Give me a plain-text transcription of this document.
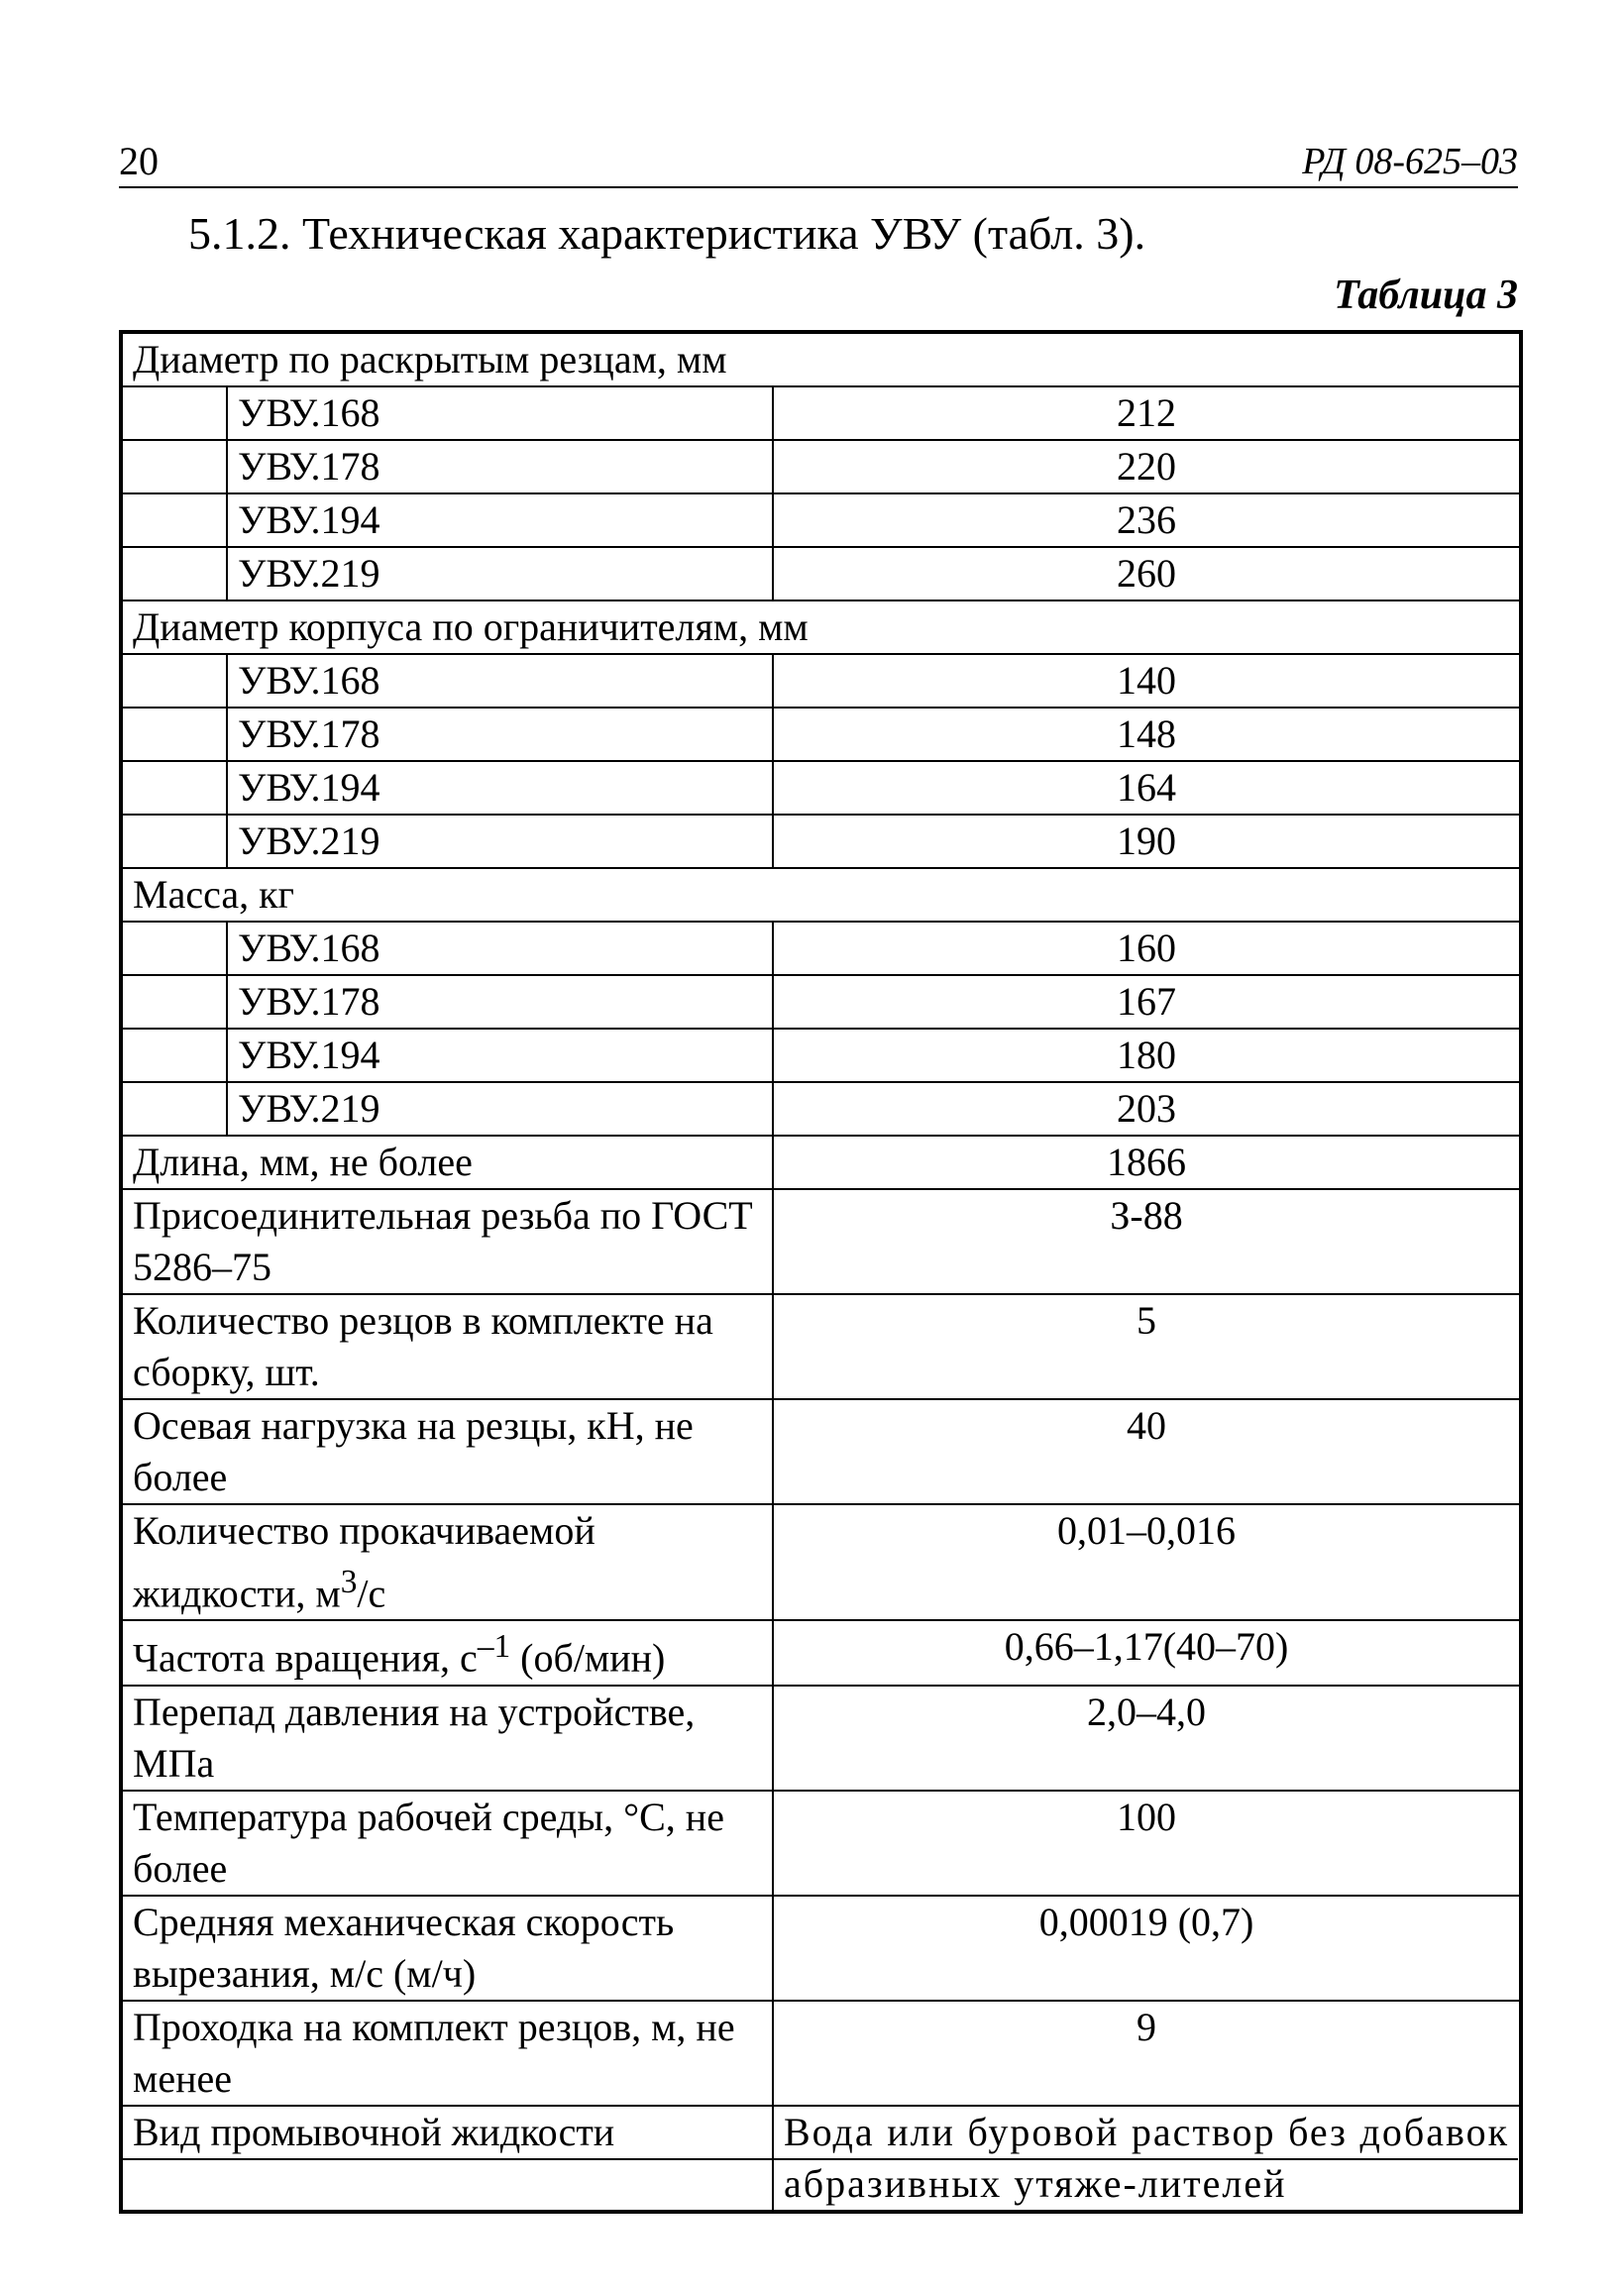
20	РД 08-625–03
5.1.2. Техническая характеристика УВУ (табл. 3).
Таблица 3
Диаметр по раскрытым резцам, мм		
	УВУ.168	212
	УВУ.178	220
	УВУ.194	236
	УВУ.219	260
Диаметр корпуса по ограничителям, мм		
	УВУ.168	140
	УВУ.178	148
	УВУ.194	164
	УВУ.219	190
Масса, кг		
	УВУ.168	160
	УВУ.178	167
	УВУ.194	180
	УВУ.219	203
Длина, мм, не более		1866
Присоединительная резьба по ГОСТ 5286–75		З-88
Количество резцов в комплекте на сборку, шт.		5
Осевая нагрузка на резцы, кН, не более		40
Количество прокачиваемой жидкости, $м^3/с$		0,01–0,016
Частота вращения, $с^{-1}$ (об/мин)		0,66–1,17(40–70)
Перепад давления на устройстве, МПа		2,0–4,0
Температура рабочей среды, °С, не более		100
Средняя механическая скорость вырезания, м/с (м/ч)		0,00019 (0,7)
Проходка на комплект резцов, м, не менее		9
Вид промывочной жидкости		Вода или буровой раствор без добавок абразивных утяже-лителей
